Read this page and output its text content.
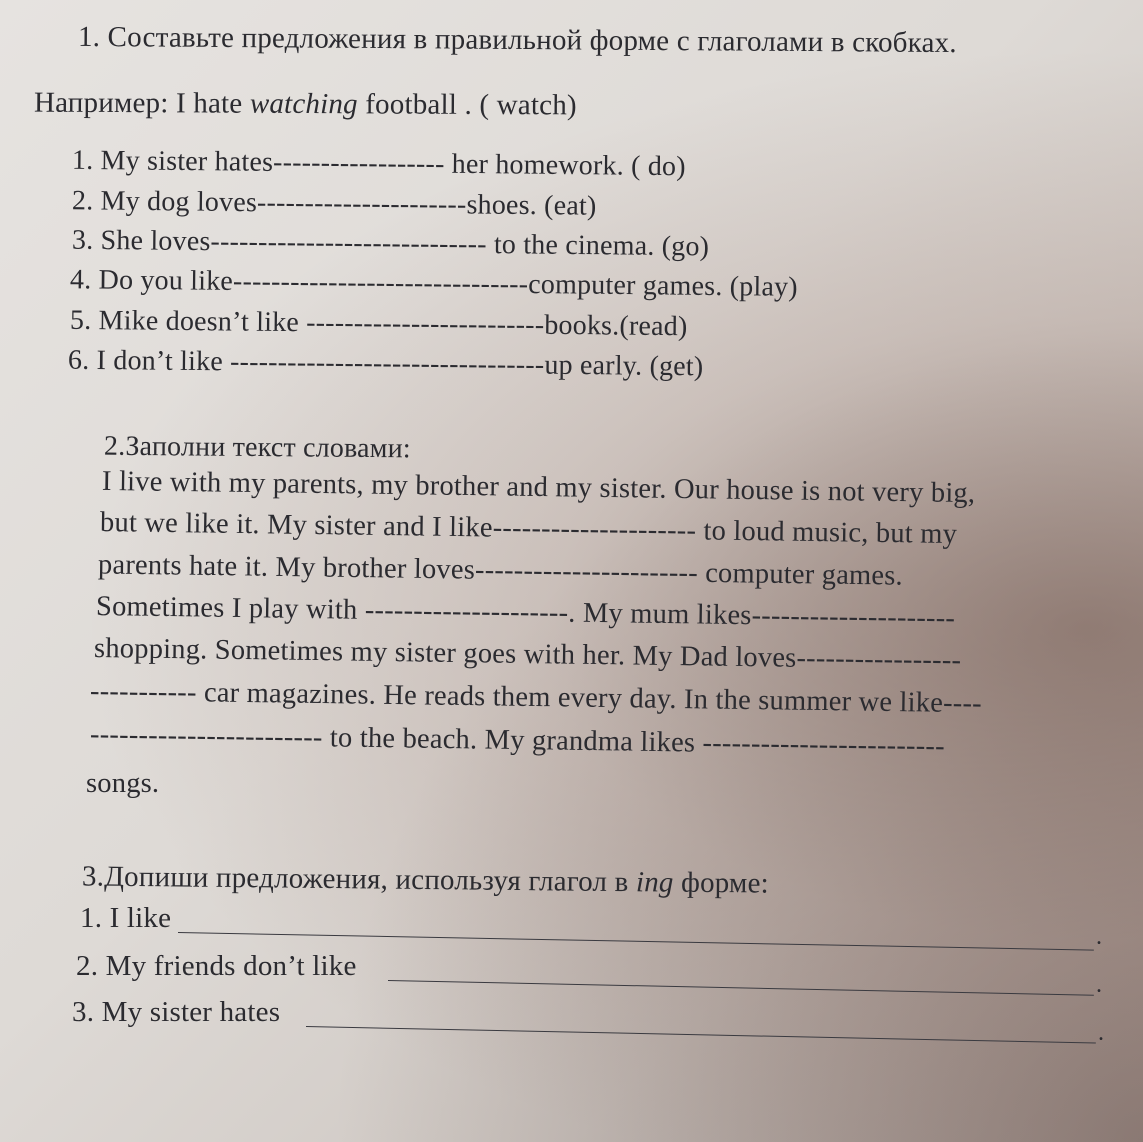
1. Составьте предложения в правильной форме с глаголами в скобках.
Например: I hate watching football . ( watch)
1. My sister hates------------------ her homework. ( do)
2. My dog loves----------------------shoes. (eat)
3. She loves----------------------------- to the cinema. (go)
4. Do you like-------------------------------computer games. (play)
5. Mike doesn’t like -------------------------books.(read)
6. I don’t like ---------------------------------up early. (get)
2.Заполни текст словами:
I live with my parents, my brother and my sister. Our house is not very big,
but we like it. My sister and I like--------------------- to loud music, but my
parents hate it. My brother loves----------------------- computer games.
Sometimes I play with ---------------------. My mum likes---------------------
shopping. Sometimes my sister goes with her. My Dad loves-----------------
----------- car magazines. He reads them every day. In the summer we like----
------------------------ to the beach. My grandma likes -------------------------
songs.
3.Допиши предложения, используя глагол в ing форме:
1. I like
.
2. My friends don’t like
.
3. My sister hates
.
